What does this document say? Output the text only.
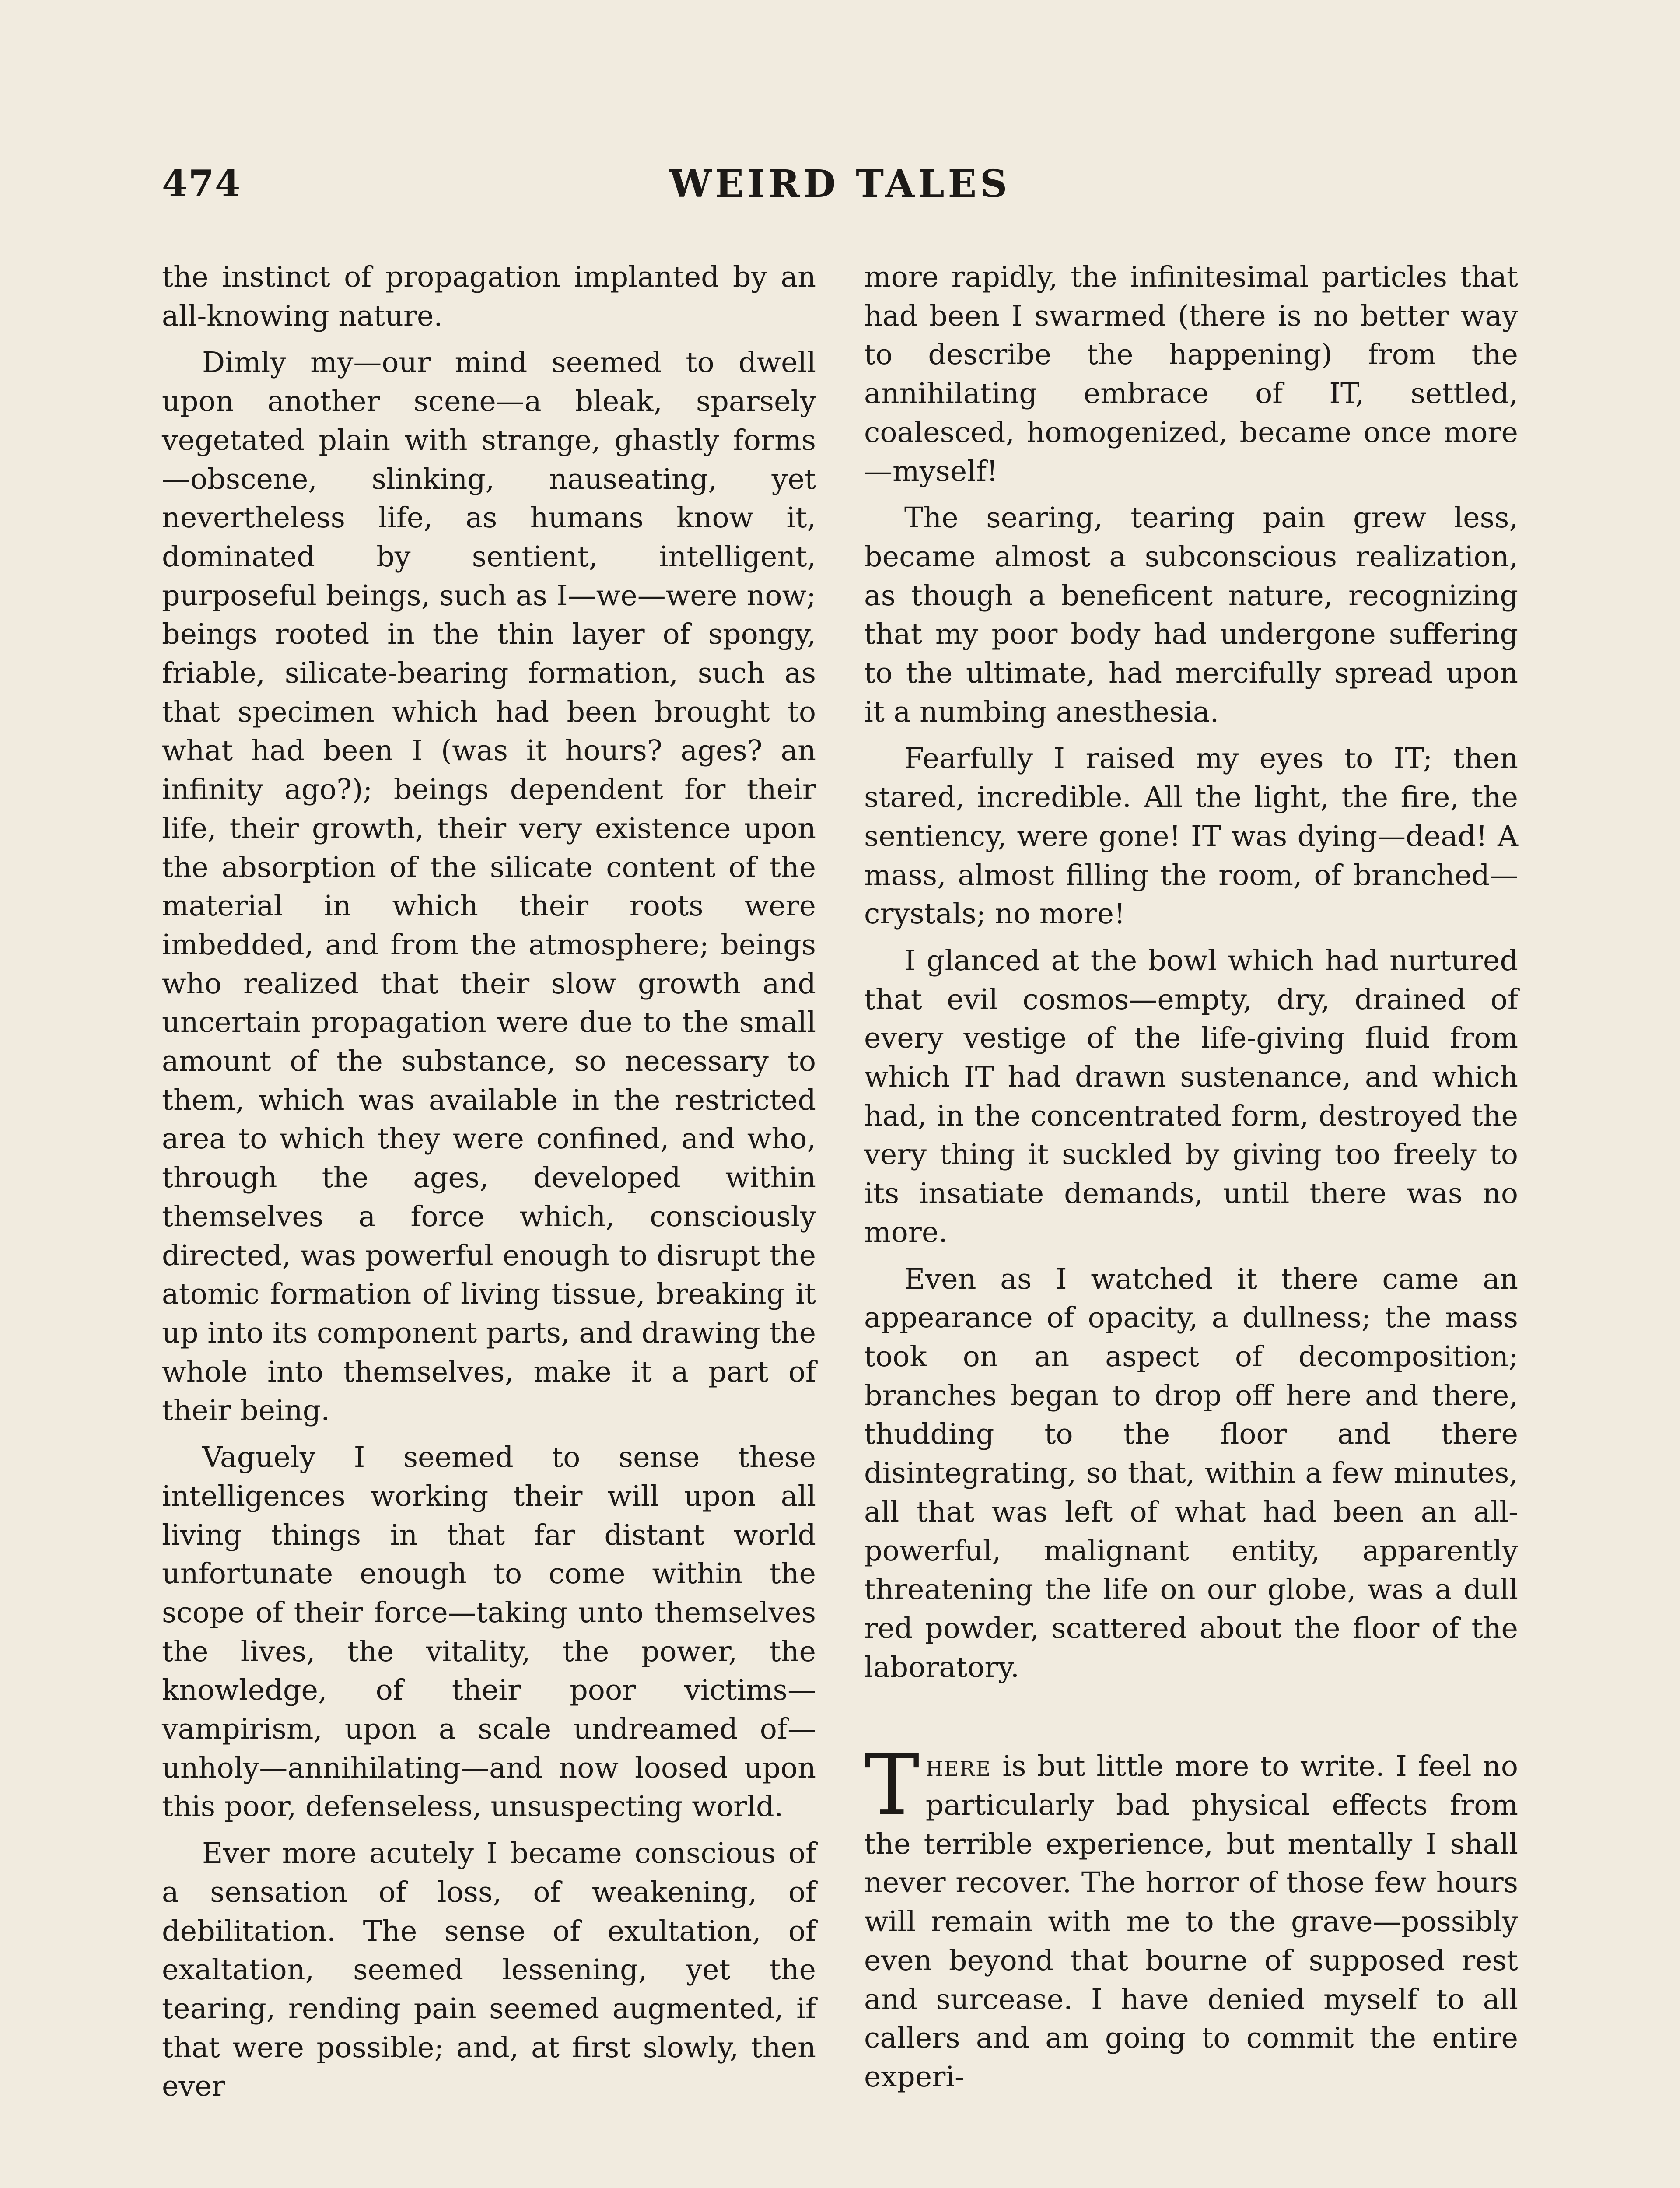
WEIRD TALES
474

the instinct of propagation implanted by an all-knowing nature.

Dimly my—our mind seemed to dwell upon another scene—a bleak, sparsely vegetated plain with strange, ghastly forms—obscene, slinking, nauseating, yet nevertheless life, as humans know it, dominated by sentient, intelligent, purposeful beings, such as I—we—were now; beings rooted in the thin layer of spongy, friable, silicate-bearing formation, such as that specimen which had been brought to what had been I (was it hours? ages? an infinity ago?); beings dependent for their life, their growth, their very existence upon the absorption of the silicate content of the material in which their roots were imbedded, and from the atmosphere; beings who realized that their slow growth and uncertain propagation were due to the small amount of the substance, so necessary to them, which was available in the restricted area to which they were confined, and who, through the ages, developed within themselves a force which, consciously directed, was powerful enough to disrupt the atomic formation of living tissue, breaking it up into its component parts, and drawing the whole into themselves, make it a part of their being.

Vaguely I seemed to sense these intelligences working their will upon all living things in that far distant world unfortunate enough to come within the scope of their force—taking unto themselves the lives, the vitality, the power, the knowledge, of their poor victims—vampirism, upon a scale undreamed of—unholy—annihilating—and now loosed upon this poor, defenseless, unsuspecting world.

Ever more acutely I became conscious of a sensation of loss, of weakening, of debilitation. The sense of exultation, of exaltation, seemed lessening, yet the tearing, rending pain seemed augmented, if that were possible; and, at first slowly, then ever

more rapidly, the infinitesimal particles that had been I swarmed (there is no better way to describe the happening) from the annihilating embrace of IT, settled, coalesced, homogenized, became once more—myself!

The searing, tearing pain grew less, became almost a subconscious realization, as though a beneficent nature, recognizing that my poor body had undergone suffering to the ultimate, had mercifully spread upon it a numbing anesthesia.

Fearfully I raised my eyes to IT; then stared, incredible. All the light, the fire, the sentiency, were gone! IT was dying—dead! A mass, almost filling the room, of branched—crystals; no more!

I glanced at the bowl which had nurtured that evil cosmos—empty, dry, drained of every vestige of the life-giving fluid from which IT had drawn sustenance, and which had, in the concentrated form, destroyed the very thing it suckled by giving too freely to its insatiate demands, until there was no more.

Even as I watched it there came an appearance of opacity, a dullness; the mass took on an aspect of decomposition; branches began to drop off here and there, thudding to the floor and there disintegrating, so that, within a few minutes, all that was left of what had been an all-powerful, malignant entity, apparently threatening the life on our globe, was a dull red powder, scattered about the floor of the laboratory.

There is but little more to write. I feel no particularly bad physical effects from the terrible experience, but mentally I shall never recover. The horror of those few hours will remain with me to the grave—possibly even beyond that bourne of supposed rest and surcease. I have denied myself to all callers and am going to commit the entire experi-
